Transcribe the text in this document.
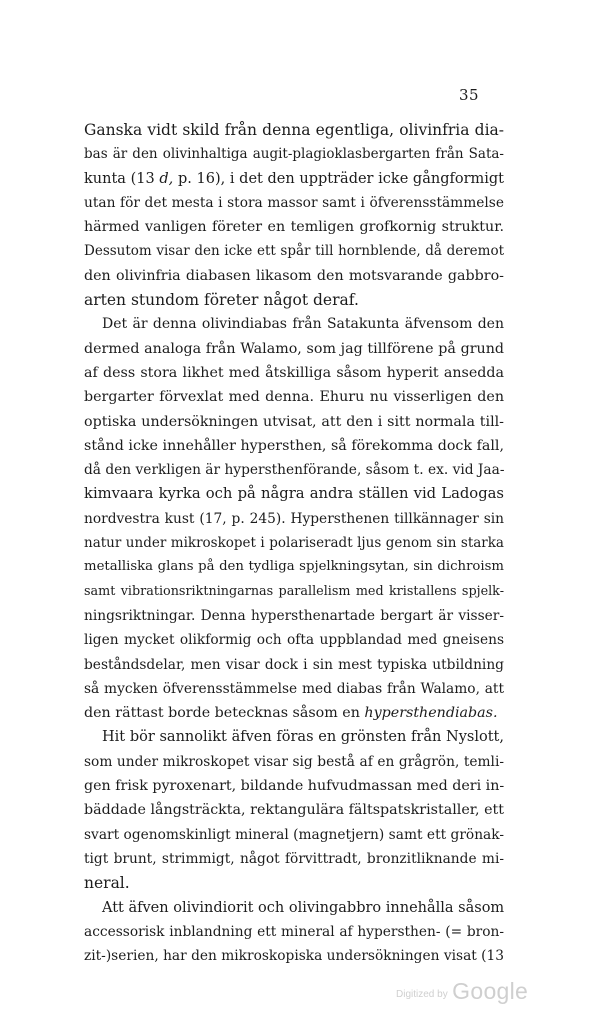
35
Ganska vidt skild från denna egentliga, olivinfria dia-
bas är den olivinhaltiga augit-plagioklasbergarten från Sata-
kunta (13 d, p. 16), i det den uppträder icke gångformigt
utan för det mesta i stora massor samt i öfverensstämmelse
härmed vanligen företer en temligen grofkornig struktur.
Dessutom visar den icke ett spår till hornblende, då deremot
den olivinfria diabasen likasom den motsvarande gabbro-
arten stundom företer något deraf.
Det är denna olivindiabas från Satakunta äfvensom den
dermed analoga från Walamo, som jag tillförene på grund
af dess stora likhet med åtskilliga såsom hyperit ansedda
bergarter förvexlat med denna. Ehuru nu visserligen den
optiska undersökningen utvisat, att den i sitt normala till-
stånd icke innehåller hypersthen, så förekomma dock fall,
då den verkligen är hypersthenförande, såsom t. ex. vid Jaa-
kimvaara kyrka och på några andra ställen vid Ladogas
nordvestra kust (17, p. 245). Hypersthenen tillkännager sin
natur under mikroskopet i polariseradt ljus genom sin starka
metalliska glans på den tydliga spjelkningsytan, sin dichroism
samt vibrationsriktningarnas parallelism med kristallens spjelk-
ningsriktningar. Denna hypersthenartade bergart är visser-
ligen mycket olikformig och ofta uppblandad med gneisens
beståndsdelar, men visar dock i sin mest typiska utbildning
så mycken öfverensstämmelse med diabas från Walamo, att
den rättast borde betecknas såsom en hypersthendiabas.
Hit bör sannolikt äfven föras en grönsten från Nyslott,
som under mikroskopet visar sig bestå af en grågrön, temli-
gen frisk pyroxenart, bildande hufvudmassan med deri in-
bäddade långsträckta, rektangulära fältspatskristaller, ett
svart ogenomskinligt mineral (magnetjern) samt ett grönak-
tigt brunt, strimmigt, något förvittradt, bronzitliknande mi-
neral.
Att äfven olivindiorit och olivingabbro innehålla såsom
accessorisk inblandning ett mineral af hypersthen- (= bron-
zit-)serien, har den mikroskopiska undersökningen visat (13
Digitized by Google
